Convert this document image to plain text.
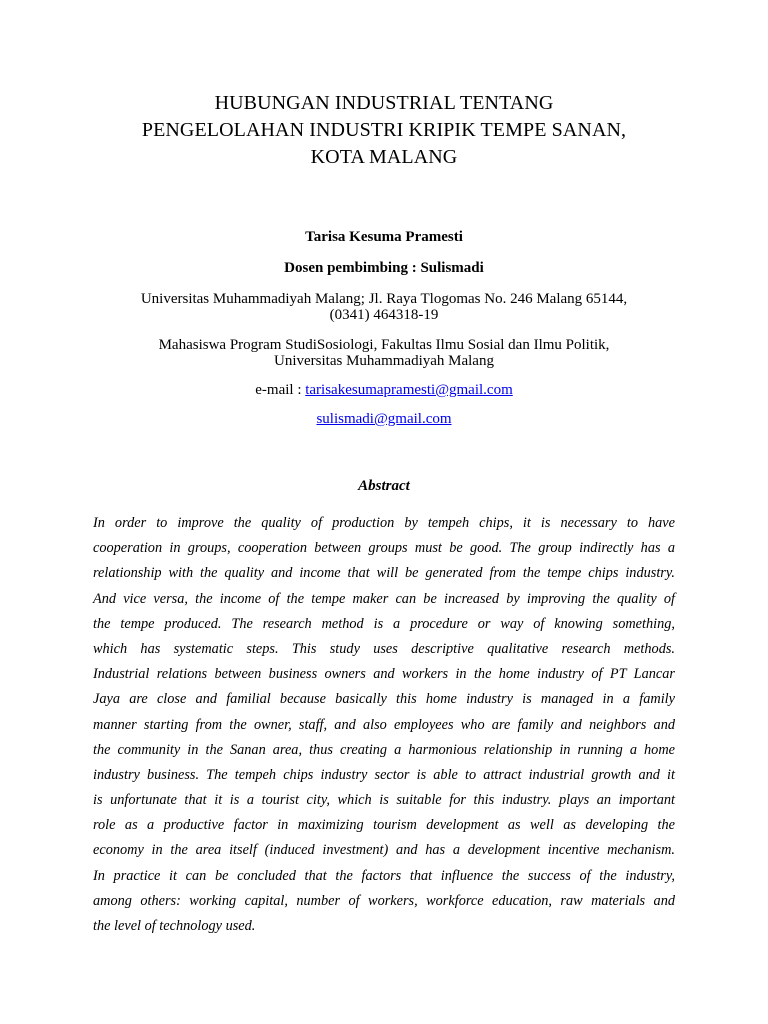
HUBUNGAN INDUSTRIAL TENTANG
PENGELOLAHAN INDUSTRI KRIPIK TEMPE SANAN,
KOTA MALANG
Tarisa Kesuma Pramesti
Dosen pembimbing : Sulismadi
Universitas Muhammadiyah Malang; Jl. Raya Tlogomas No. 246 Malang 65144,
(0341) 464318-19
Mahasiswa Program StudiSosiologi, Fakultas Ilmu Sosial dan Ilmu Politik,
Universitas Muhammadiyah Malang
e-mail : tarisakesumapramesti@gmail.com
sulismadi@gmail.com
Abstract
In order to improve the quality of production by tempeh chips, it is necessary to have
cooperation in groups, cooperation between groups must be good. The group indirectly has a
relationship with the quality and income that will be generated from the tempe chips industry.
And vice versa, the income of the tempe maker can be increased by improving the quality of
the tempe produced. The research method is a procedure or way of knowing something,
which has systematic steps. This study uses descriptive qualitative research methods.
Industrial relations between business owners and workers in the home industry of PT Lancar
Jaya are close and familial because basically this home industry is managed in a family
manner starting from the owner, staff, and also employees who are family and neighbors and
the community in the Sanan area, thus creating a harmonious relationship in running a home
industry business. The tempeh chips industry sector is able to attract industrial growth and it
is unfortunate that it is a tourist city, which is suitable for this industry. plays an important
role as a productive factor in maximizing tourism development as well as developing the
economy in the area itself (induced investment) and has a development incentive mechanism.
In practice it can be concluded that the factors that influence the success of the industry,
among others: working capital, number of workers, workforce education, raw materials and
the level of technology used.
